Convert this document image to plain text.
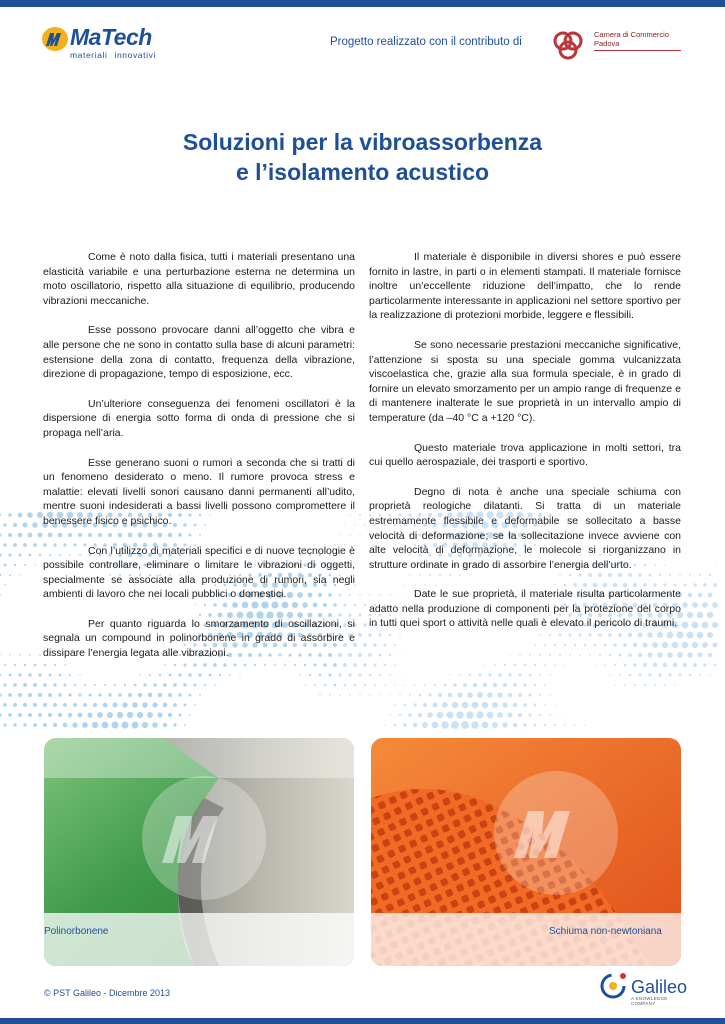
MaTech
materiali innovativi
Progetto realizzato con il contributo di
Camera di Commercio
Padova
Soluzioni per la vibroassorbenza
e l’isolamento acustico

Come è noto dalla fisica, tutti i materiali presentano una elasticità variabile e una perturbazione esterna ne determina un moto oscillatorio, rispetto alla situazione di equilibrio, producendo vibrazioni meccaniche.

Esse possono provocare danni all’oggetto che vibra e alle persone che ne sono in contatto sulla base di alcuni parametri: estensione della zona di contatto, frequenza della vibrazione, direzione di propagazione, tempo di esposizione, ecc.

Un’ulteriore conseguenza dei fenomeni oscillatori è la dispersione di energia sotto forma di onda di pressione che si propaga nell’aria.

Esse generano suoni o rumori a seconda che si tratti di un fenomeno desiderato o meno. Il rumore provoca stress e malattie: elevati livelli sonori causano danni permanenti all’udito, mentre suoni indesiderati a bassi livelli possono compromettere il benessere fisico e psichico.

Con l’utilizzo di materiali specifici e di nuove tecnologie è possibile controllare, eliminare o limitare le vibrazioni di oggetti, specialmente se associate alla produzione di rumori, sia negli ambienti di lavoro che nei locali pubblici o domestici.

Per quanto riguarda lo smorzamento di oscillazioni, si segnala un compound in polinorbonene in grado di assorbire e dissipare l’energia legata alle vibrazioni.

Il materiale è disponibile in diversi shores e può essere fornito in lastre, in parti o in elementi stampati. Il materiale fornisce inoltre un’eccellente riduzione dell’impatto, che lo rende particolarmente interessante in applicazioni nel settore sportivo per la realizzazione di protezioni morbide, leggere e flessibili.

Se sono necessarie prestazioni meccaniche significative, l’attenzione si sposta su una speciale gomma vulcanizzata viscoelastica che, grazie alla sua formula speciale, è in grado di fornire un elevato smorzamento per un ampio range di frequenze e di mantenere inalterate le sue proprietà in un intervallo ampio di temperature (da –40 °C a +120 °C).

Questo materiale trova applicazione in molti settori, tra cui quello aerospaziale, dei trasporti e sportivo.

Degno di nota è anche una speciale schiuma con proprietà reologiche dilatanti. Si tratta di un materiale estremamente flessibile e deformabile se sollecitato a basse velocità di deformazione; se la sollecitazione invece avviene con alte velocità di deformazione, le molecole si riorganizzano in strutture ordinate in grado di assorbire l’energia dell’urto.

Date le sue proprietà, il materiale risulta particolarmente adatto nella produzione di componenti per la protezione del corpo in tutti quei sport o attività nelle quali è elevato il pericolo di traumi.

Polinorbonene	Schiuma non-newtoniana
© PST Galileo - Dicembre 2013	Galileo
A KNOWLEDGE COMPANY
